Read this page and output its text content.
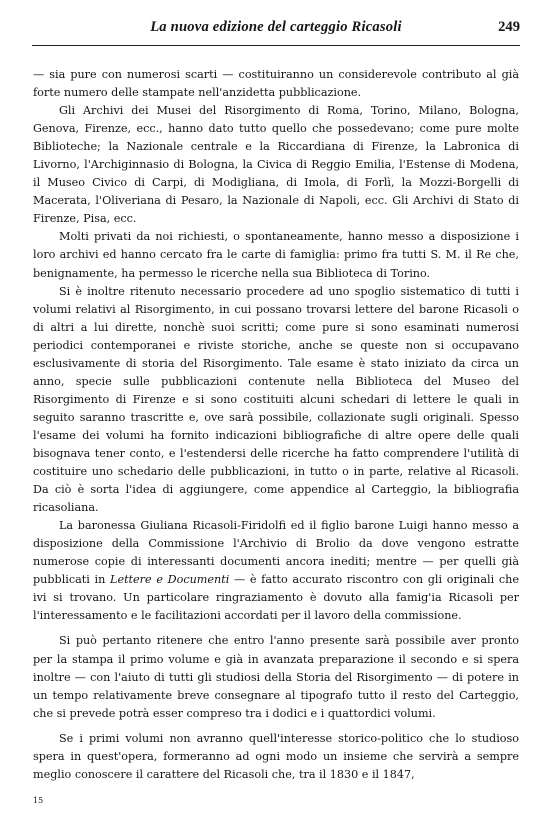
La nuova edizione del carteggio Ricasoli	249

— sia pure con numerosi scarti — costituiranno un considerevole contributo al già forte numero delle stampate nell'anzidetta pubblicazione.

Gli Archivi dei Musei del Risorgimento di Roma, Torino, Milano, Bologna, Genova, Firenze, ecc., hanno dato tutto quello che possedevano; come pure molte Biblioteche; la Nazionale centrale e la Riccardiana di Firenze, la Labronica di Livorno, l'Archiginnasio di Bologna, la Civica di Reggio Emilia, l'Estense di Modena, il Museo Civico di Carpi, di Modigliana, di Imola, di Forlì, la Mozzi-Borgelli di Macerata, l'Oliveriana di Pesaro, la Nazionale di Napoli, ecc. Gli Archivi di Stato di Firenze, Pisa, ecc.

Molti privati da noi richiesti, o spontaneamente, hanno messo a disposizione i loro archivi ed hanno cercato fra le carte di famiglia: primo fra tutti S. M. il Re che, benignamente, ha permesso le ricerche nella sua Biblioteca di Torino.

Si è inoltre ritenuto necessario procedere ad uno spoglio sistematico di tutti i volumi relativi al Risorgimento, in cui possano trovarsi lettere del barone Ricasoli o di altri a lui dirette, nonchè suoi scritti; come pure si sono esaminati numerosi periodici contemporanei e riviste storiche, anche se queste non si occupavano esclusivamente di storia del Risorgimento. Tale esame è stato iniziato da circa un anno, specie sulle pubblicazioni contenute nella Biblioteca del Museo del Risorgimento di Firenze e si sono costituiti alcuni schedari di lettere le quali in seguito saranno trascritte e, ove sarà possibile, collazionate sugli originali. Spesso l'esame dei volumi ha fornito indicazioni bibliografiche di altre opere delle quali bisognava tener conto, e l'estendersi delle ricerche ha fatto comprendere l'utilità di costituire uno schedario delle pubblicazioni, in tutto o in parte, relative al Ricasoli. Da ciò è sorta l'idea di aggiungere, come appendice al Carteggio, la bibliografia ricasoliana.

La baronessa Giuliana Ricasoli-Firidolfi ed il figlio barone Luigi hanno messo a disposizione della Commissione l'Archivio di Brolio da dove vengono estratte numerose copie di interessanti documenti ancora inediti; mentre — per quelli già pubblicati in Lettere e Documenti — è fatto accurato riscontro con gli originali che ivi si trovano. Un particolare ringraziamento è dovuto alla famig'ia Ricasoli per l'interessamento e le facilitazioni accordati per il lavoro della commissione.

Si può pertanto ritenere che entro l'anno presente sarà possibile aver pronto per la stampa il primo volume e già in avanzata preparazione il secondo e si spera inoltre — con l'aiuto di tutti gli studiosi della Storia del Risorgimento — di potere in un tempo relativamente breve consegnare al tipografo tutto il resto del Carteggio, che si prevede potrà esser compreso tra i dodici e i quattordici volumi.

Se i primi volumi non avranno quell'interesse storico-politico che lo studioso spera in quest'opera, formeranno ad ogni modo un insieme che servirà a sempre meglio conoscere il carattere del Ricasoli che, tra il 1830 e il 1847,

15
